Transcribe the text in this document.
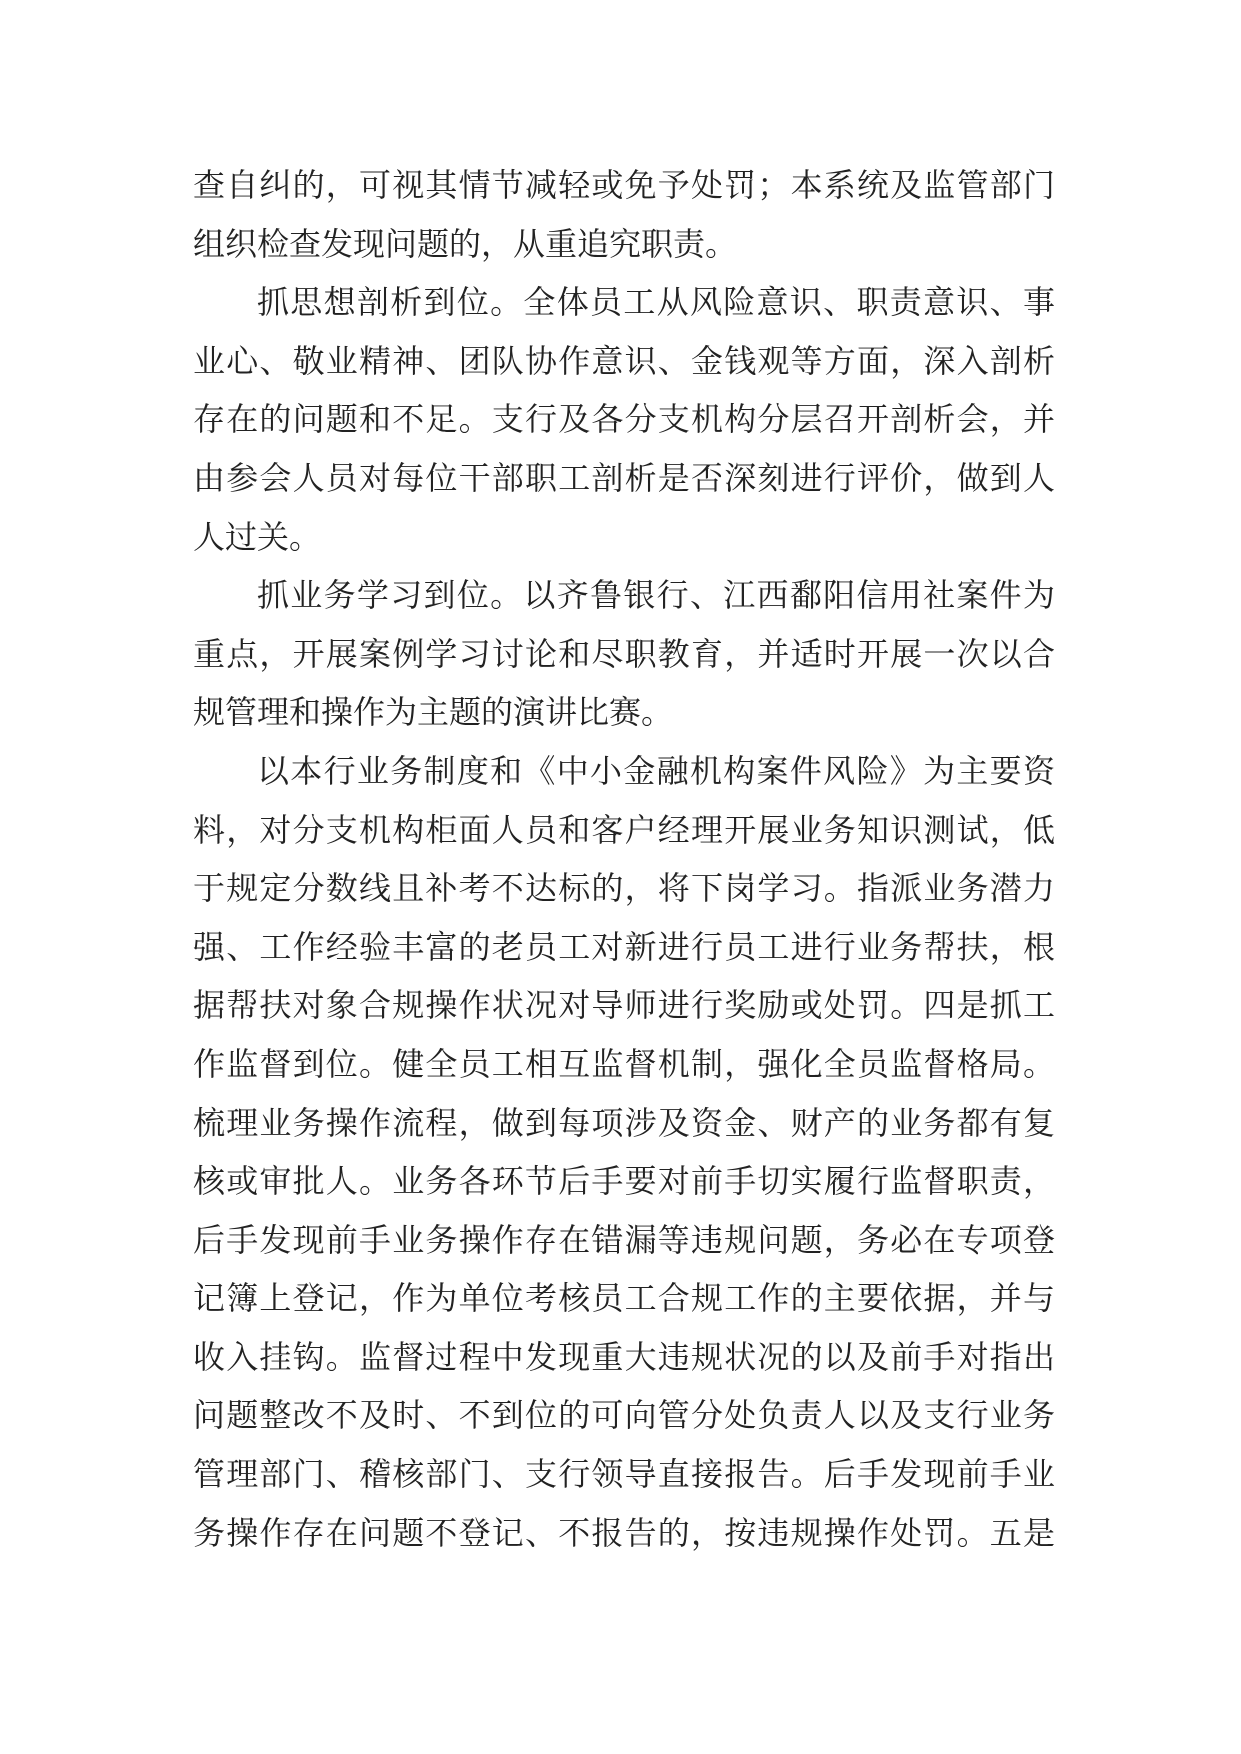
查自纠的，可视其情节减轻或免予处罚；本系统及监管部门
组织检查发现问题的，从重追究职责。
抓思想剖析到位。全体员工从风险意识、职责意识、事
业心、敬业精神、团队协作意识、金钱观等方面，深入剖析
存在的问题和不足。支行及各分支机构分层召开剖析会，并
由参会人员对每位干部职工剖析是否深刻进行评价，做到人
人过关。
抓业务学习到位。以齐鲁银行、江西鄱阳信用社案件为
重点，开展案例学习讨论和尽职教育，并适时开展一次以合
规管理和操作为主题的演讲比赛。
以本行业务制度和《中小金融机构案件风险》为主要资
料，对分支机构柜面人员和客户经理开展业务知识测试，低
于规定分数线且补考不达标的，将下岗学习。指派业务潜力
强、工作经验丰富的老员工对新进行员工进行业务帮扶，根
据帮扶对象合规操作状况对导师进行奖励或处罚。四是抓工
作监督到位。健全员工相互监督机制，强化全员监督格局。
梳理业务操作流程，做到每项涉及资金、财产的业务都有复
核或审批人。业务各环节后手要对前手切实履行监督职责，
后手发现前手业务操作存在错漏等违规问题，务必在专项登
记簿上登记，作为单位考核员工合规工作的主要依据，并与
收入挂钩。监督过程中发现重大违规状况的以及前手对指出
问题整改不及时、不到位的可向管分处负责人以及支行业务
管理部门、稽核部门、支行领导直接报告。后手发现前手业
务操作存在问题不登记、不报告的，按违规操作处罚。五是
